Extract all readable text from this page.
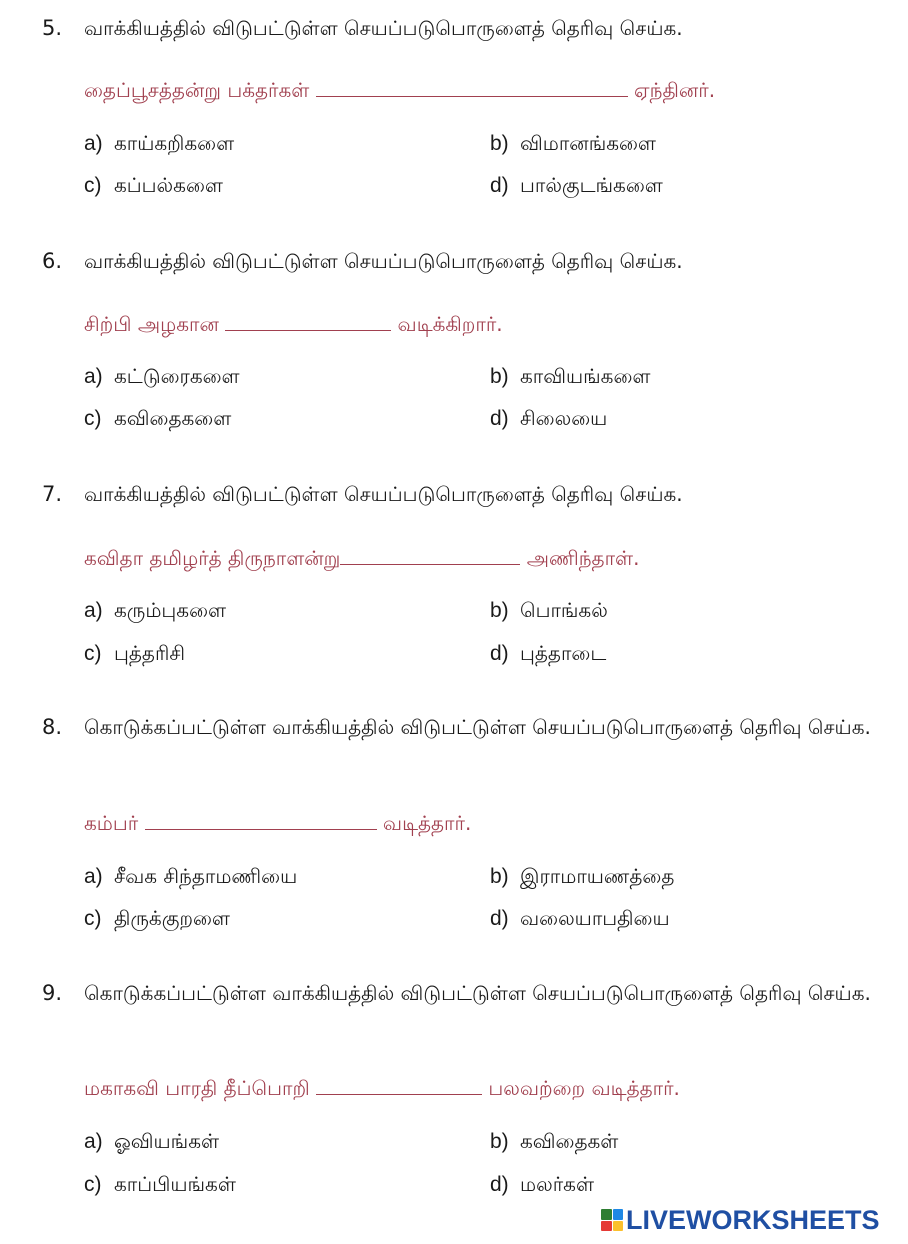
5. வாக்கியத்தில் விடுபட்டுள்ள செயப்படுபொருளைத் தெரிவு செய்க.
தைப்பூசத்தன்று பக்தர்கள்	ஏந்தினர்.
a) காய்கறிகளை	b) விமானங்களை
c) கப்பல்களை	d) பால்குடங்களை
6. வாக்கியத்தில் விடுபட்டுள்ள செயப்படுபொருளைத் தெரிவு செய்க.
சிற்பி அழகான	வடிக்கிறார்.
a) கட்டுரைகளை	b) காவியங்களை
c) கவிதைகளை	d) சிலையை
7. வாக்கியத்தில் விடுபட்டுள்ள செயப்படுபொருளைத் தெரிவு செய்க.
கவிதா தமிழர்த் திருநாளன்று	அணிந்தாள்.
a) கரும்புகளை	b) பொங்கல்
c) புத்தரிசி	d) புத்தாடை
8. கொடுக்கப்பட்டுள்ள வாக்கியத்தில் விடுபட்டுள்ள செயப்படுபொருளைத் தெரிவு செய்க.
கம்பர்	வடித்தார்.
a) சீவக சிந்தாமணியை	b) இராமாயணத்தை
c) திருக்குறளை	d) வலையாபதியை
9. கொடுக்கப்பட்டுள்ள வாக்கியத்தில் விடுபட்டுள்ள செயப்படுபொருளைத் தெரிவு செய்க.
மகாகவி பாரதி தீப்பொறி	பலவற்றை வடித்தார்.
a) ஓவியங்கள்	b) கவிதைகள்
c) காப்பியங்கள்	d) மலர்கள்
LIVEWORKSHEETS
